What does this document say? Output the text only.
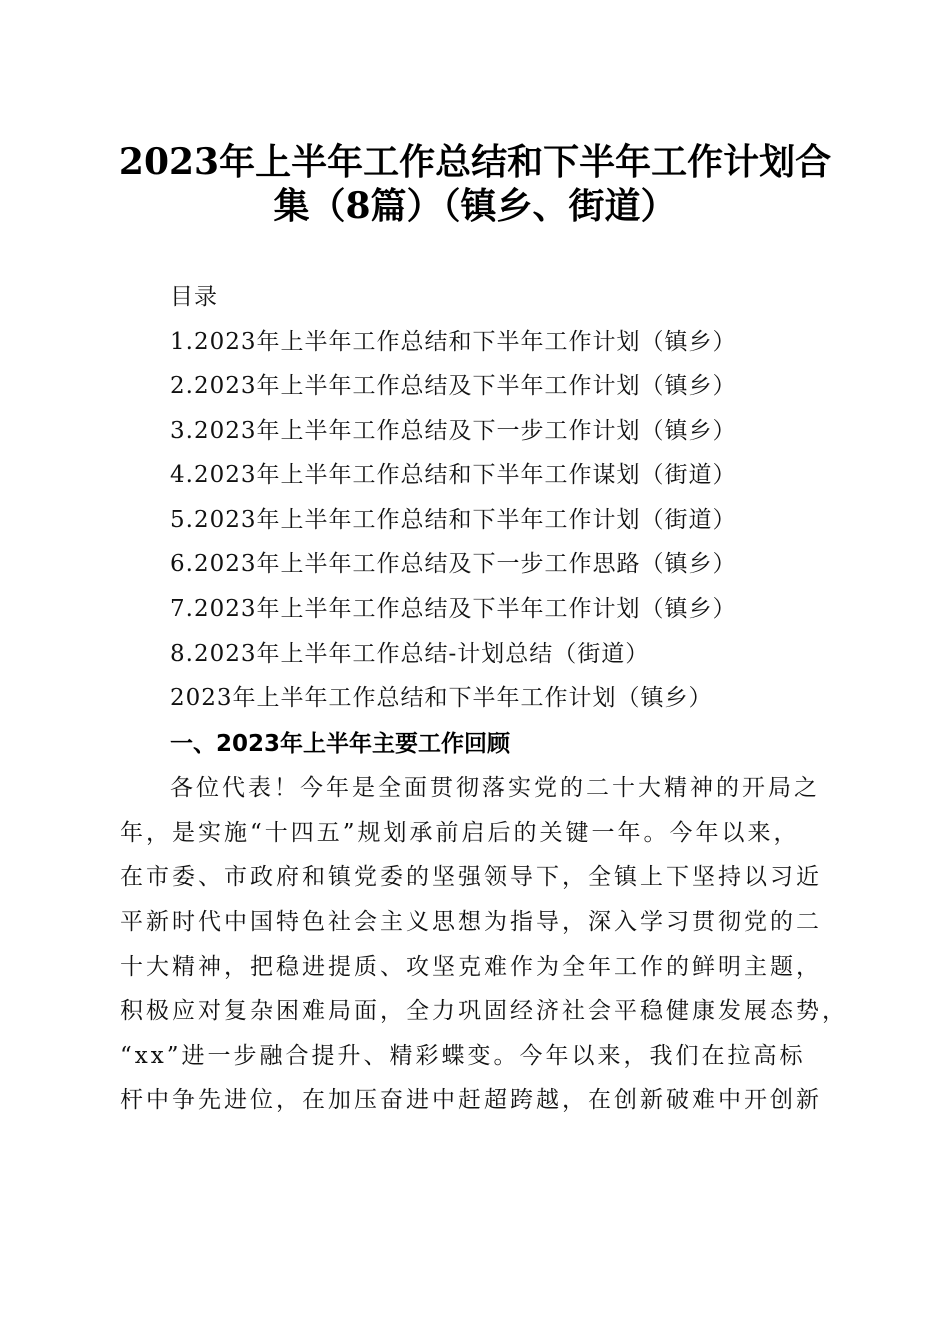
2023年上半年工作总结和下半年工作计划合
集（8篇）（镇乡、街道）
目录
1.2023年上半年工作总结和下半年工作计划（镇乡）
2.2023年上半年工作总结及下半年工作计划（镇乡）
3.2023年上半年工作总结及下一步工作计划（镇乡）
4.2023年上半年工作总结和下半年工作谋划（街道）
5.2023年上半年工作总结和下半年工作计划（街道）
6.2023年上半年工作总结及下一步工作思路（镇乡）
7.2023年上半年工作总结及下半年工作计划（镇乡）
8.2023年上半年工作总结-计划总结（街道）
2023年上半年工作总结和下半年工作计划（镇乡）
一、2023年上半年主要工作回顾
各位代表！今年是全面贯彻落实党的二十大精神的开局之
年，是实施“十四五”规划承前启后的关键一年。今年以来，
在市委、市政府和镇党委的坚强领导下，全镇上下坚持以习近
平新时代中国特色社会主义思想为指导，深入学习贯彻党的二
十大精神，把稳进提质、攻坚克难作为全年工作的鲜明主题，
积极应对复杂困难局面，全力巩固经济社会平稳健康发展态势，
“xx”进一步融合提升、精彩蝶变。今年以来，我们在拉高标
杆中争先进位，在加压奋进中赶超跨越，在创新破难中开创新
